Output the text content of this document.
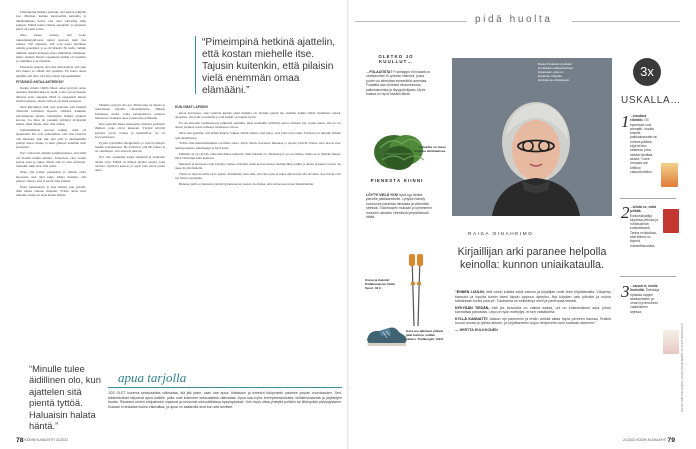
Pimeimpinä hetkinä ajattelin, että kestan tekijälle itse. Muistan, kuinka kuntosalilla kamoilla ja näkökulmassa tiesin, että olen vahvempi kuin pelkoni. Elämä kantoi minua eteenpäin, ja jokainen päivä oli pieni voitto.

Aika kaaan tunteja, että koko oikeudenkäyntivuosi tuntui ajastaan kuin itse sairaus. Nyt ajattelen, että voin antaa äiteilleen omalla paatellani, ja se oli tärkeää. En tiedä, vieläkö tulimme nainen koskaan omaa elämäänsä ollenkaan, mutta ainakin minun tapaukseni kaikki oli hoidettu jo valmiiksi, jota täydensi.

Esikoisen ajattelu, että olen siinä kohtaa, että olen sitä minua se elämä sitä ajattelin. En halua antaa tekijälle sitä tilaa, että hän ohjaisi loppuelämääni.

PITÄISIKÖ ANTAA ANTEEKSI?

Itsekin mietin välillä ilman omaa kyvystä antaa anteeksi. Rebellionista en tiedä, voiko tai tarvitseeko tällaista antaa anteeksi. Ehkä se vapauttaisi minua itseäni taakasta, mutta vielä en ole siinä pisteessä.

Olen kiitollinen siitä, kun ajattelen, että miehen väkivalta kohdistui lapseen. Velkaisi kaikkein tietoisimpana aikana vanhemmat hetkinä yhdessä kotona. Jos mies oli jotenkin yrittänyt myrkyttää minua, ehkä tilanne olisi ollut toinen.

Vanhemmilleni kerroin kaiken, mitä oli tapahtunut. He ovat pahoitelleet, että aina tuntevat olla tukenani. Isän itki, että olisi jo aikaisemmin pitänyt uskoa minua ja siksi yhdessä etsimme tietä eteenpäin.

Part voittavasti elämän todellisuudessa, että tämä vei meidät kaikki kriisiin. Terapiassa olen saanut paljon apua ja tukea. Ilman sitä en olisi selvinnyt. Sittenkin rikki olen ollut usein.

Näen yhä joskus painajaisia ja tunnen oloni huonoksi, kun talvi tulee. Mutta muistan, että pimeys väistyy aina ja kevät tulee jälleen.

Nyky kaikenlaista ja joka hetkeä, kun pohdin, mitä hänen takiaan menetin. Yritän antaa tilaa tunteille, mutta en anna niiden hallita.

Minulla on hyvä olla nyt. Pimeä aika on takana ja tulevaisuus näyttää valoisammalta. Haluan kannustaa muita, jotka kamppailevat samassa tilanteessa: hakekaa apua ja kertokaa jollekulle.

Kun ajattelen aikaa taaksepäin, muistan parhaiten ihmiset, jotka olivat tukenani. Ystävät kävivät kylässä, toivat ruokaa ja kuuntelivat. Se oli korvaamatonta.

Pyysin tyttäriltäni mielipidettä, ja vain hyväksyin heidän vastauksensa. He halusivat, että äiti jaksaa ja on onnellinen. Sen ansiosta jaksoin.

Nyt olen opiskellut uuden ammatin ja aloittanut uuden työn. Elämä on jälleen täynnä asioita, joita odottaa. Tyttäreni kasvaa ja oppii joka päivä jotain uutta.

KUN OMAT LAPSENI

kuvat kasvaneet, olen tajunnut kuinka pieni minulla oli. Kuinka pieniä me olemme kaikki tämän maailman edessä. Ajattelen, että tytär on minulla ja että kaikki on lopulta hyvin.

En ole kertonut tapahtuneesta julkisesti aiemmin. Olen kuitenkin päättänyt kertoa tarinani nyt, koska uskon, että se voi auttaa jotakuta toista samassa tilanteessa olevaa.

Olen aina ajatellut, että elämä kantaa. Vaikka välillä tuntuu, ettei jaksa, aina tulee uusi aamu. Tyttäreni on minulle tärkein asia maailmassa.

Yritän elää mahdollisimman tavallista arkea. Käyn töissä, harrastan liikuntaa ja tapaan ystäviä. Pienet asiat tuovat iloa: auringonpaiste, kahvikuppi ja hyvä kirja.

Elämäni on nyt hyvää. Olen kiitollinen kaikesta, mitä minulla on. Menneisyys on osa minua, mutta se ei määritä minua. Olen vahvempi kuin koskaan.

Metsästä ja luonnosta olen löytänyt rauhaa. Kävelen usein koiran kanssa metsäpolkuja pitkin ja annan ajatusten virrata. Se tekee hyvää mielelle.

Tässä on ollut monelle tarve puhua. Kiitollinen olen siitä, että sain apua ja tukea silloin kun sitä tarvitsin. Sen turvin voin nyt katsoa eteenpäin.

Helenan nimi on muutettu yksityisyydensuojan vuoksi. Ina halusi, että tarinaa kerrotaan nimettömänä.

“Pimeimpinä hetkinä ajattelin, että kostan miehelle itse. Tajusin kuitenkin, että pilaisin vielä enemmän omaa elämääni.”
“Minulle tulee äidillinen olo, kun ajattelen sitä pientä tyttöä. Haluaisin halata häntä.”
apua tarjolla
JOS OLET kokenut seksuaalista väkivaltaa, älä jää yksin, vaan hae apua. Maksuton ja nimetön tukipuhelin palvelee ympäri vuorokauden. Seri-tukikeskukset tarjoavat apua kaikille, jotka ovat kokeneet seksuaalista väkivaltaa. Apua saa myös terveyskeskuksista, kriisikeskuksista ja järjestöjen kautta. Rikoksen uhrien tukipalvelut ohjaavat ja neuvovat oikeudellisissa kysymyksissä. Voit myös ottaa yhteyttä poliisiin tai lähimpään päivystykseen. Kukaan ei ansaitse kokea väkivaltaa, ja apua on saatavilla aina kun sitä tarvitset.
78 KODIN KUVALEHTI 21/2022
pidä huolta
OLETKO JO KUULLUT…
…FOLAATISTA? Foolihappo eli folaatti on vesiliukoinen B-ryhmän vitamiini, jonka puute voi aiheuttaa esimerkiksi anemiaa. Folaattia saa vihreistä vihanneksista, palkokasveista ja täysjyväviljasta. Myös maksa on hyvä folaatin lähde.
Folaattia on muun muassa lehtikaalissa.
PIENESTÄ KIINNI
LÖYTYI VIELÄ YKSI hyvä syy lähteä pienelle patikkaretkelle. Lyhytkin kävely luonnossa parantaa mielialaa ja vähentää stressiä. Tutkimusten mukaan jo kymmenen minuutin oleskelu vihreässä ympäristössä riittää.
Ostoa ja kokeile! Patikkasauvat, Retki Sport, 49 €.
Gore-tex-jalkineet pitävät jalat kuivina, vaikka sataisi. Trailkengät, 139 €.
Raisa Oinaheimo julkaisi sinnikkään elämäntarinan kirjassaan, joka on kirjoitettu lukijoille lohduksi ja rohkaisuksi.
RAISA OINAHEIMO
Kirjaillijan arki paranee helpolla keinolla: kunnon uniaikataulla.

“ENNEN LUULIN, että voisin kuitata sekä vaimon ja kirjailijan roolit öisin kirjoittamalla. Väsymys kasautui ja lopulta tunsin itseni täysin loppuun ajetuksi. Nyt kirjoitan vain päivisin ja nukun kahdeksan tuntia joka yö. Tuloksena on selkeämpi mieli ja parempaa tekstiä.

NYKYÄÄN TIEDÄN, että jos luovuutta on vaikea saada, uni on ensimmäinen asia, johon kannattaa panostaa. Lepo on työn edellytys, ei sen vastakohta.

KYLLÄ KANNATTI! Jaksan nyt paremmin ja ehdin viettää aikaa myös perheen kanssa. Rutiinit tuovat turvaa ja rytmiä arkeen, ja kirjoittaminen sujuu helpommin kuin koskaan aiemmin.”

— HERTTA HULKKONEN

3x
USKALLA…
1 ...muuttua elämäsi. Oli kyseessä uusi ammatti, muutto toiselle paikkakunnalle tai rohkea päätös, kirja kertoo naisesta, joka uskalsi aloittaa alusta. Tuore romaani sai kriitikot vakuuttuneiksi.
2 ...tehdä se, mikä pelkää. Esikoiskirjailija kirjoittaa pelosta ja rohkeudesta koskettavasti. Tarina muistuttaa, että elämä on täynnä mahdollisuuksia.
3 ...sanoa ei, mutta ihmisiltä. Tietokirja opastaa rajojen asettamiseen ja oman hyvinvoinnin vaalimiseen arjessa.
KUVAT KIRJAN KANSI, RAISA OINAHEIMO JA SHUTTERSTOCK
21/2022 KODIN KUVALEHTI 79
